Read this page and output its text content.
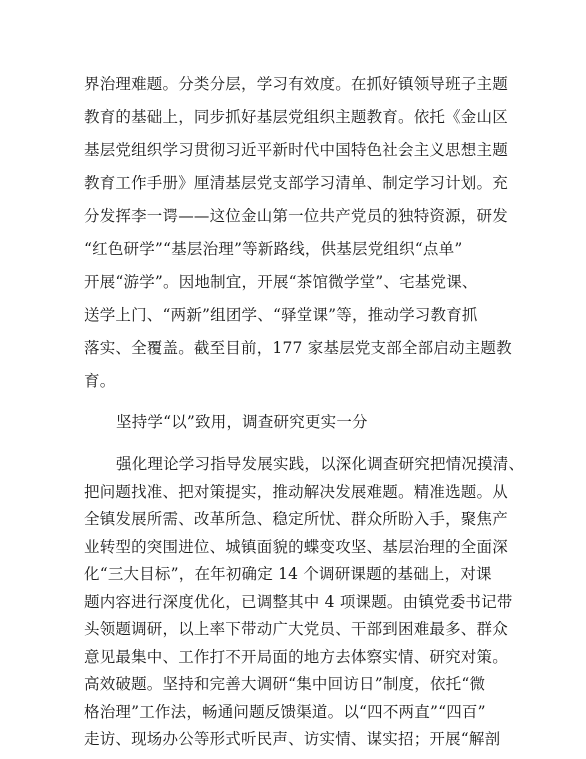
界治理难题。分类分层，学习有效度。在抓好镇领导班子主题
教育的基础上，同步抓好基层党组织主题教育。依托《金山区
基层党组织学习贯彻习近平新时代中国特色社会主义思想主题
教育工作手册》厘清基层党支部学习清单、制定学习计划。充
分发挥李一谔——这位金山第一位共产党员的独特资源，研发
“红色研学”“基层治理”等新路线，供基层党组织“点单”
开展“游学”。因地制宜，开展“茶馆微学堂”、宅基党课、
送学上门、“两新”组团学、“驿堂课”等，推动学习教育抓
落实、全覆盖。截至目前，177 家基层党支部全部启动主题教
育。
坚持学“以”致用，调查研究更实一分
强化理论学习指导发展实践，以深化调查研究把情况摸清、
把问题找准、把对策提实，推动解决发展难题。精准选题。从
全镇发展所需、改革所急、稳定所忧、群众所盼入手，聚焦产
业转型的突围进位、城镇面貌的蝶变攻坚、基层治理的全面深
化“三大目标”，在年初确定 14 个调研课题的基础上，对课
题内容进行深度优化，已调整其中 4 项课题。由镇党委书记带
头领题调研，以上率下带动广大党员、干部到困难最多、群众
意见最集中、工作打不开局面的地方去体察实情、研究对策。
高效破题。坚持和完善大调研“集中回访日”制度，依托“微
格治理”工作法，畅通问题反馈渠道。以“四不两直”“四百”
走访、现场办公等形式听民声、访实情、谋实招；开展“解剖
